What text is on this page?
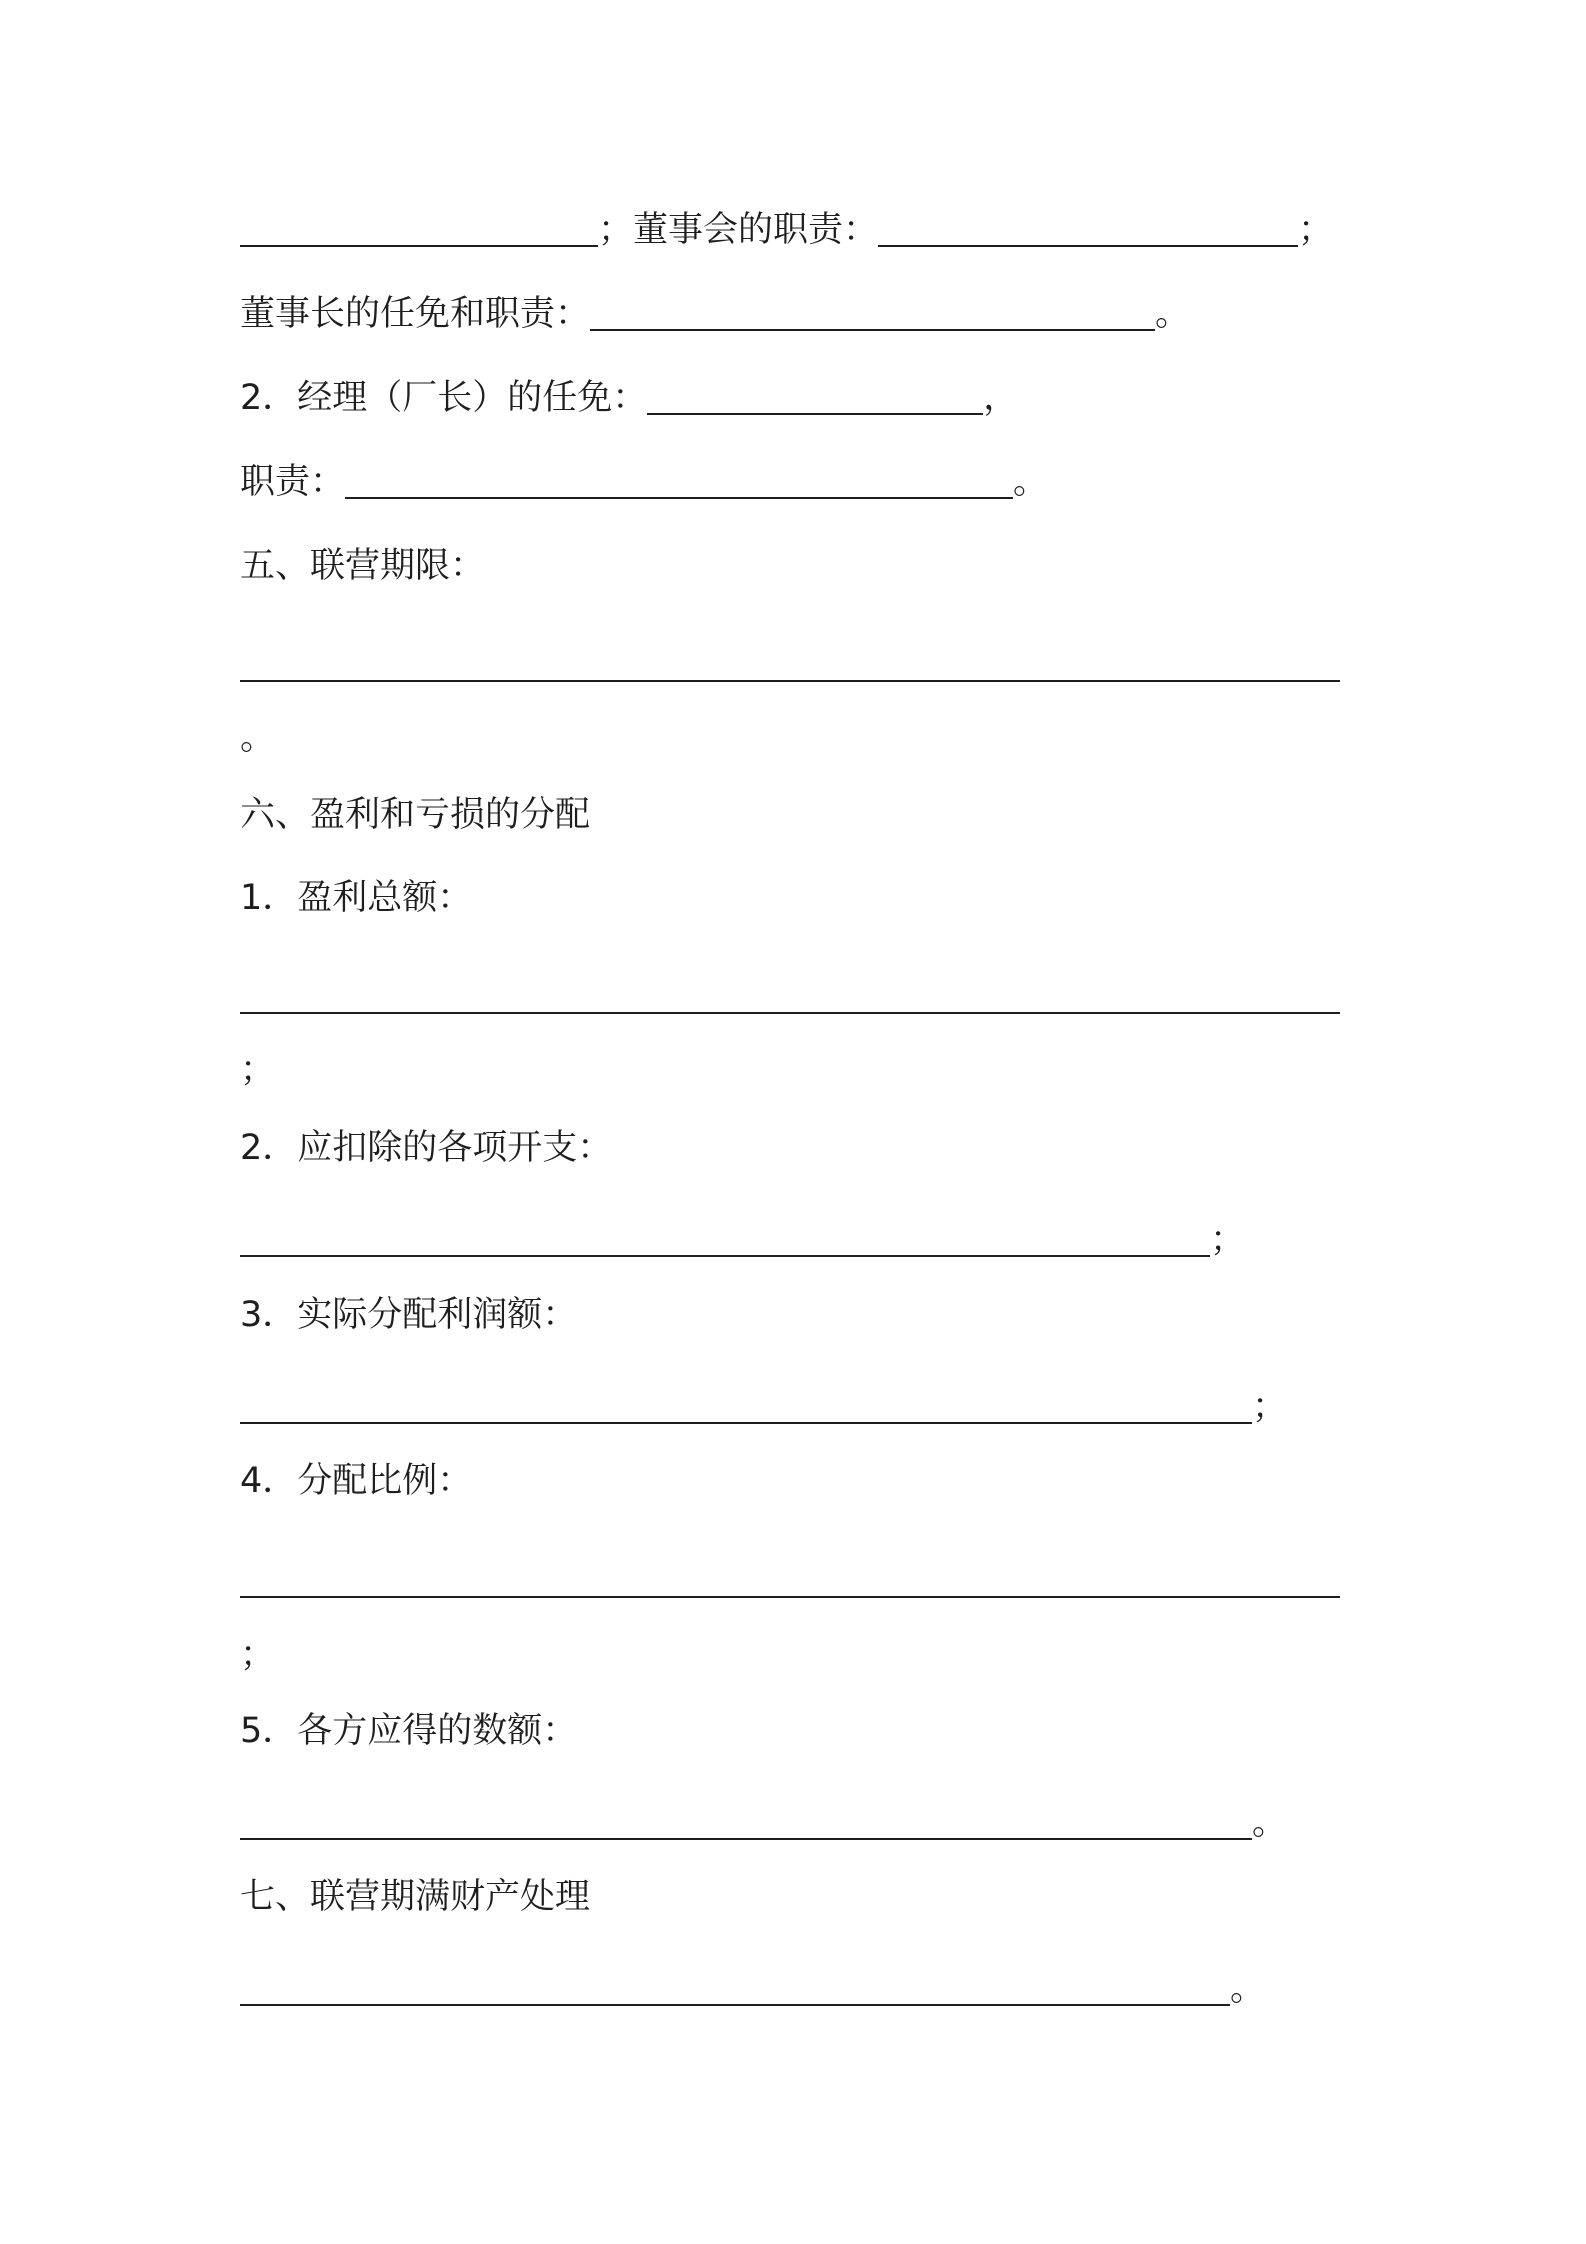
；董事会的职责：	；
董事长的任免和职责：	。
2．经理（厂长）的任免：	，
职责：	。
五、联营期限：
。
六、盈利和亏损的分配
1．盈利总额：
；
2．应扣除的各项开支：
；
3．实际分配利润额：
；
4．分配比例：
；
5．各方应得的数额：
。
七、联营期满财产处理
。
